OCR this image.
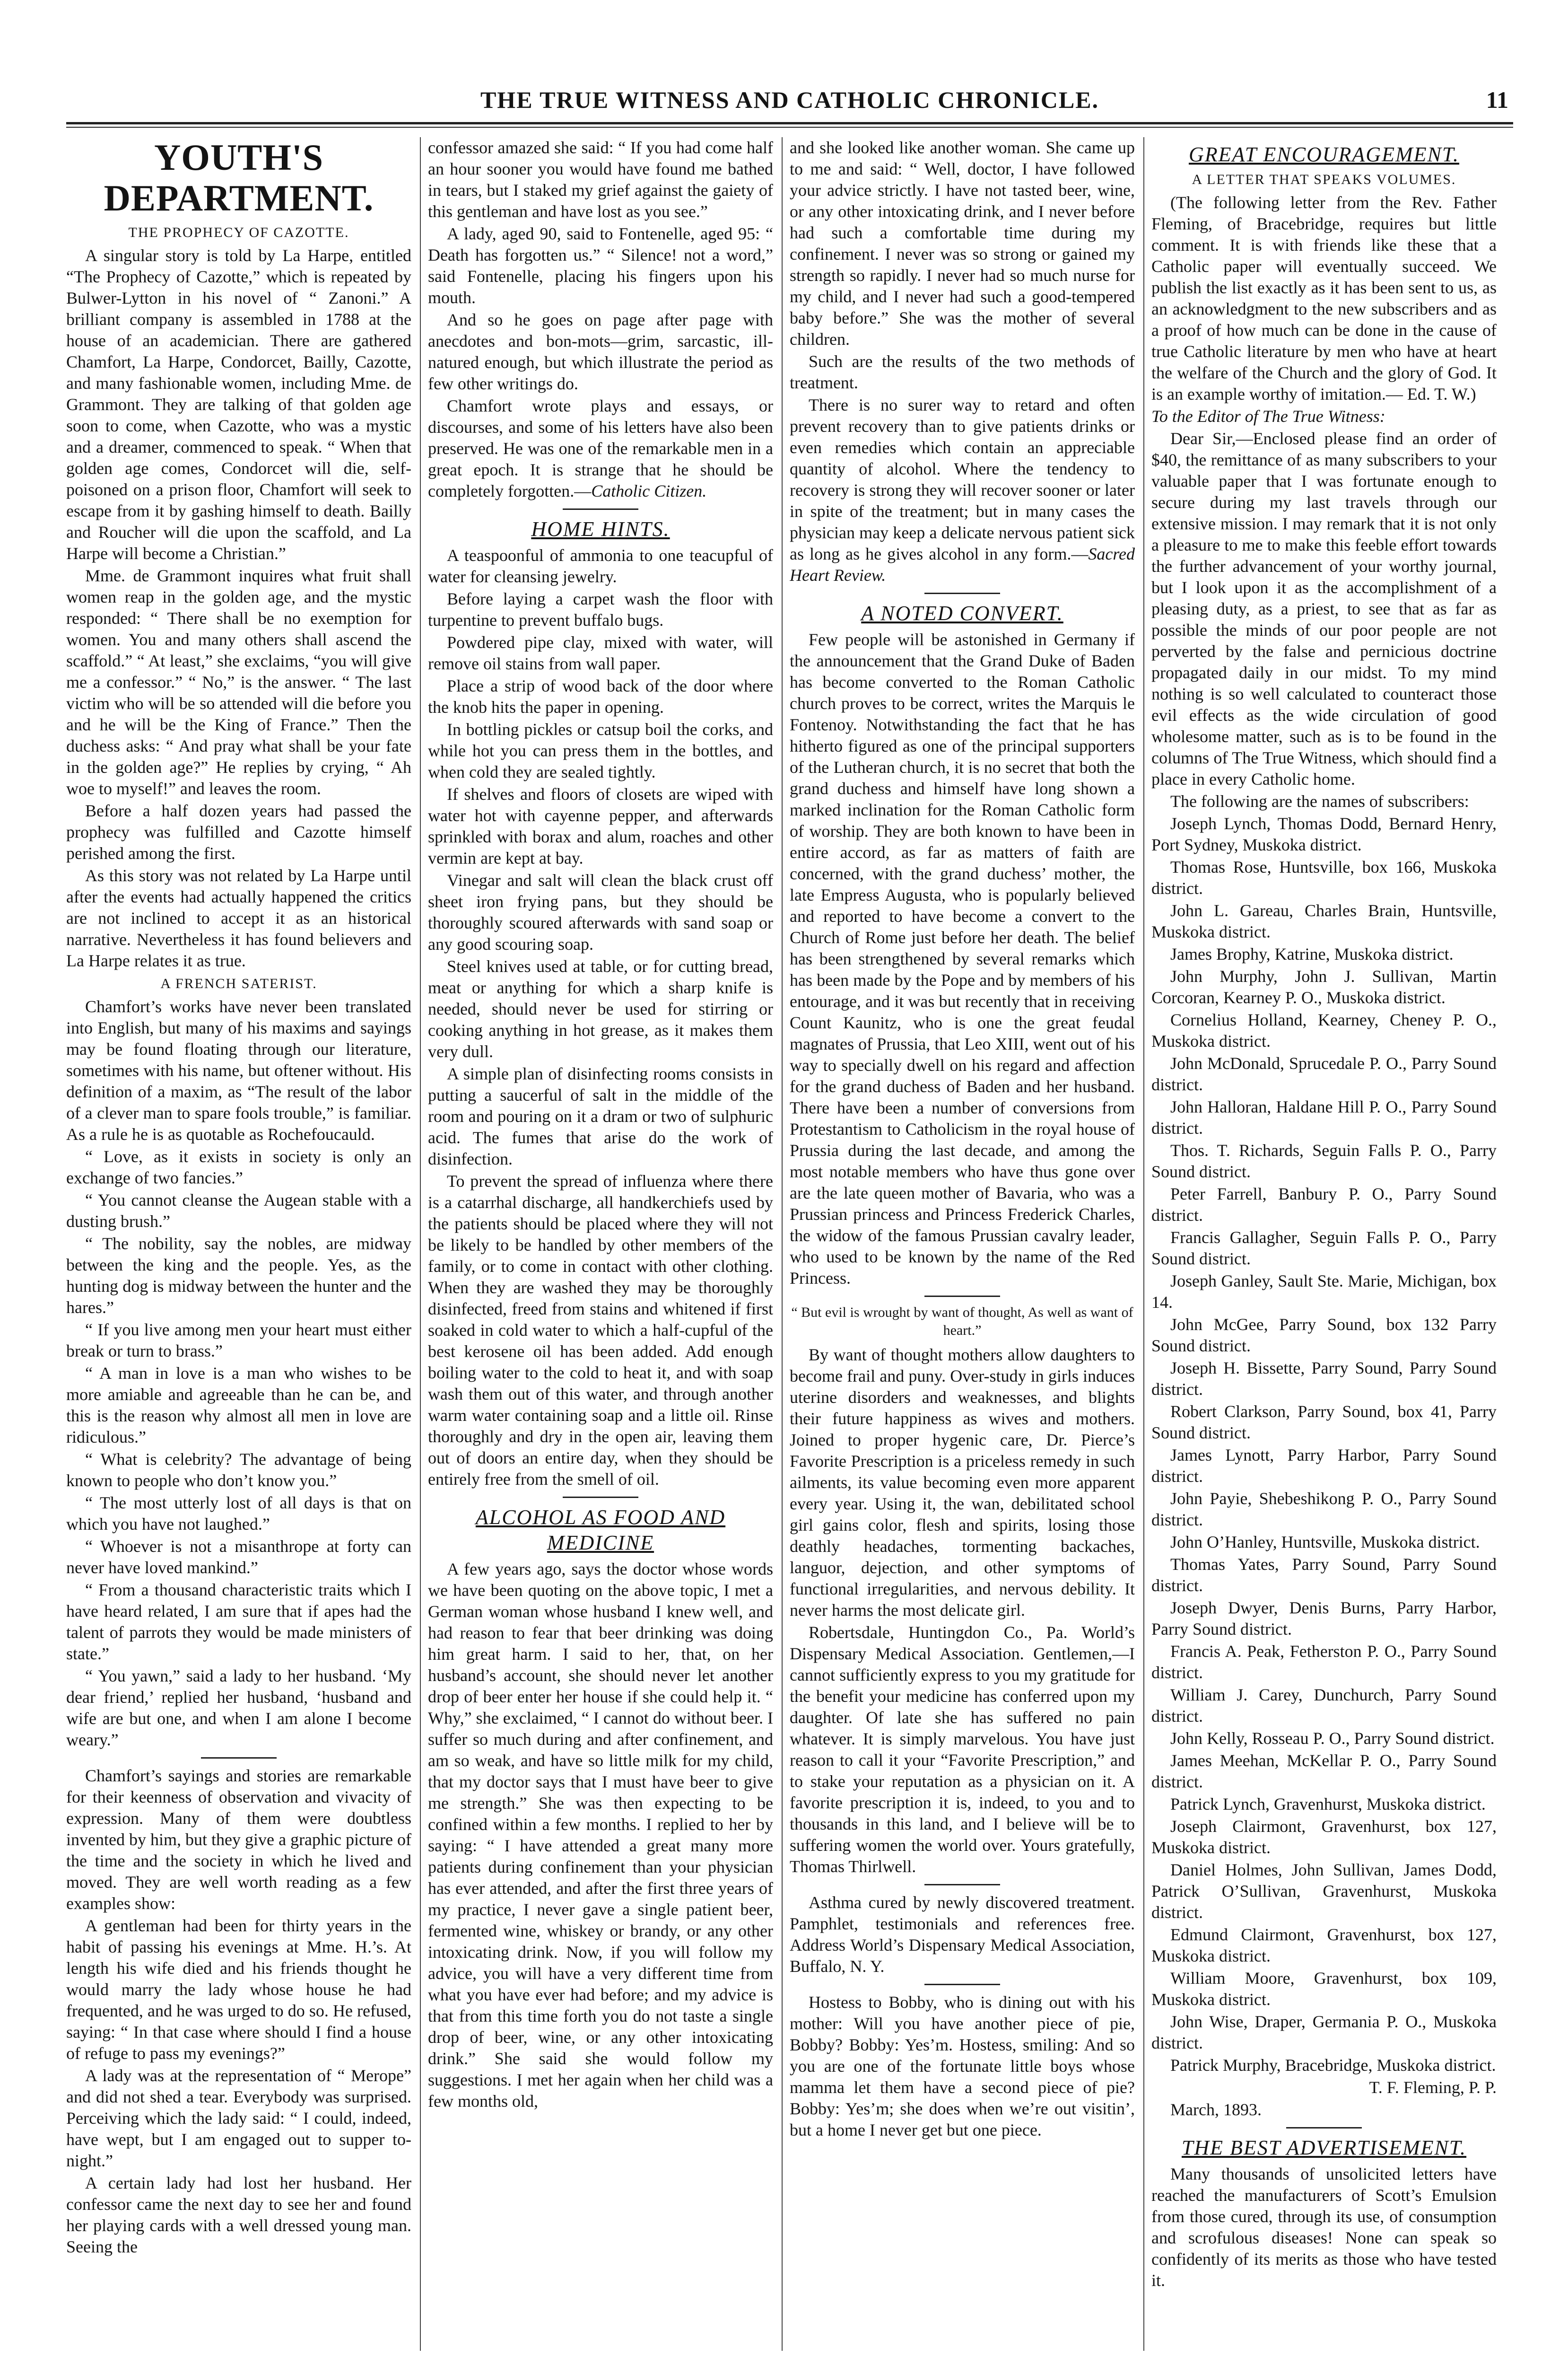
THE TRUE WITNESS AND CATHOLIC CHRONICLE.	11
YOUTH'S DEPARTMENT.
THE PROPHECY OF CAZOTTE.

A singular story is told by La Harpe, entitled “The Prophecy of Cazotte,” which is repeated by Bulwer-Lytton in his novel of “ Zanoni.” A brilliant company is assembled in 1788 at the house of an academician. There are gathered Chamfort, La Harpe, Condorcet, Bailly, Cazotte, and many fashionable women, including Mme. de Grammont. They are talking of that golden age soon to come, when Cazotte, who was a mystic and a dreamer, commenced to speak. “ When that golden age comes, Condorcet will die, self-poisoned on a prison floor, Chamfort will seek to escape from it by gashing himself to death. Bailly and Roucher will die upon the scaffold, and La Harpe will become a Christian.”

Mme. de Grammont inquires what fruit shall women reap in the golden age, and the mystic responded: “ There shall be no exemption for women. You and many others shall ascend the scaffold.” “ At least,” she exclaims, “you will give me a confessor.” “ No,” is the answer. “ The last victim who will be so attended will die before you and he will be the King of France.” Then the duchess asks: “ And pray what shall be your fate in the golden age?” He replies by crying, “ Ah woe to myself!” and leaves the room.

Before a half dozen years had passed the prophecy was fulfilled and Cazotte himself perished among the first.

As this story was not related by La Harpe until after the events had actually happened the critics are not inclined to accept it as an historical narrative. Nevertheless it has found believers and La Harpe relates it as true.

A FRENCH SATERIST.

Chamfort’s works have never been translated into English, but many of his maxims and sayings may be found floating through our literature, sometimes with his name, but oftener without. His definition of a maxim, as “The result of the labor of a clever man to spare fools trouble,” is familiar. As a rule he is as quotable as Rochefoucauld.

“ Love, as it exists in society is only an exchange of two fancies.”

“ You cannot cleanse the Augean stable with a dusting brush.”

“ The nobility, say the nobles, are midway between the king and the people. Yes, as the hunting dog is midway between the hunter and the hares.”

“ If you live among men your heart must either break or turn to brass.”

“ A man in love is a man who wishes to be more amiable and agreeable than he can be, and this is the reason why almost all men in love are ridiculous.”

“ What is celebrity? The advantage of being known to people who don’t know you.”

“ The most utterly lost of all days is that on which you have not laughed.”

“ Whoever is not a misanthrope at forty can never have loved mankind.”

“ From a thousand characteristic traits which I have heard related, I am sure that if apes had the talent of parrots they would be made ministers of state.”

“ You yawn,” said a lady to her husband. ‘My dear friend,’ replied her husband, ‘husband and wife are but one, and when I am alone I become weary.”

Chamfort’s sayings and stories are remarkable for their keenness of observation and vivacity of expression. Many of them were doubtless invented by him, but they give a graphic picture of the time and the society in which he lived and moved. They are well worth reading as a few examples show:

A gentleman had been for thirty years in the habit of passing his evenings at Mme. H.’s. At length his wife died and his friends thought he would marry the lady whose house he had frequented, and he was urged to do so. He refused, saying: “ In that case where should I find a house of refuge to pass my evenings?”

A lady was at the representation of “ Merope” and did not shed a tear. Everybody was surprised. Perceiving which the lady said: “ I could, indeed, have wept, but I am engaged out to supper to-night.”

A certain lady had lost her husband. Her confessor came the next day to see her and found her playing cards with a well dressed young man. Seeing the

confessor amazed she said: “ If you had come half an hour sooner you would have found me bathed in tears, but I staked my grief against the gaiety of this gentleman and have lost as you see.”

A lady, aged 90, said to Fontenelle, aged 95: “ Death has forgotten us.” “ Silence! not a word,” said Fontenelle, placing his fingers upon his mouth.

And so he goes on page after page with anecdotes and bon-mots—grim, sarcastic, ill-natured enough, but which illustrate the period as few other writings do.

Chamfort wrote plays and essays, or discourses, and some of his letters have also been preserved. He was one of the remarkable men in a great epoch. It is strange that he should be completely forgotten.—Catholic Citizen.

HOME HINTS.

A teaspoonful of ammonia to one teacupful of water for cleansing jewelry.

Before laying a carpet wash the floor with turpentine to prevent buffalo bugs.

Powdered pipe clay, mixed with water, will remove oil stains from wall paper.

Place a strip of wood back of the door where the knob hits the paper in opening.

In bottling pickles or catsup boil the corks, and while hot you can press them in the bottles, and when cold they are sealed tightly.

If shelves and floors of closets are wiped with water hot with cayenne pepper, and afterwards sprinkled with borax and alum, roaches and other vermin are kept at bay.

Vinegar and salt will clean the black crust off sheet iron frying pans, but they should be thoroughly scoured afterwards with sand soap or any good scouring soap.

Steel knives used at table, or for cutting bread, meat or anything for which a sharp knife is needed, should never be used for stirring or cooking anything in hot grease, as it makes them very dull.

A simple plan of disinfecting rooms consists in putting a saucerful of salt in the middle of the room and pouring on it a dram or two of sulphuric acid. The fumes that arise do the work of disinfection.

To prevent the spread of influenza where there is a catarrhal discharge, all handkerchiefs used by the patients should be placed where they will not be likely to be handled by other members of the family, or to come in contact with other clothing. When they are washed they may be thoroughly disinfected, freed from stains and whitened if first soaked in cold water to which a half-cupful of the best kerosene oil has been added. Add enough boiling water to the cold to heat it, and with soap wash them out of this water, and through another warm water containing soap and a little oil. Rinse thoroughly and dry in the open air, leaving them out of doors an entire day, when they should be entirely free from the smell of oil.

ALCOHOL AS FOOD AND MEDICINE

A few years ago, says the doctor whose words we have been quoting on the above topic, I met a German woman whose husband I knew well, and had reason to fear that beer drinking was doing him great harm. I said to her, that, on her husband’s account, she should never let another drop of beer enter her house if she could help it. “ Why,” she exclaimed, “ I cannot do without beer. I suffer so much during and after confinement, and am so weak, and have so little milk for my child, that my doctor says that I must have beer to give me strength.” She was then expecting to be confined within a few months. I replied to her by saying: “ I have attended a great many more patients during confinement than your physician has ever attended, and after the first three years of my practice, I never gave a single patient beer, fermented wine, whiskey or brandy, or any other intoxicating drink. Now, if you will follow my advice, you will have a very different time from what you have ever had before; and my advice is that from this time forth you do not taste a single drop of beer, wine, or any other intoxicating drink.” She said she would follow my suggestions. I met her again when her child was a few months old,

and she looked like another woman. She came up to me and said: “ Well, doctor, I have followed your advice strictly. I have not tasted beer, wine, or any other intoxicating drink, and I never before had such a comfortable time during my confinement. I never was so strong or gained my strength so rapidly. I never had so much nurse for my child, and I never had such a good-tempered baby before.” She was the mother of several children.

Such are the results of the two methods of treatment.

There is no surer way to retard and often prevent recovery than to give patients drinks or even remedies which contain an appreciable quantity of alcohol. Where the tendency to recovery is strong they will recover sooner or later in spite of the treatment; but in many cases the physician may keep a delicate nervous patient sick as long as he gives alcohol in any form.—Sacred Heart Review.

A NOTED CONVERT.

Few people will be astonished in Germany if the announcement that the Grand Duke of Baden has become converted to the Roman Catholic church proves to be correct, writes the Marquis le Fontenoy. Notwithstanding the fact that he has hitherto figured as one of the principal supporters of the Lutheran church, it is no secret that both the grand duchess and himself have long shown a marked inclination for the Roman Catholic form of worship. They are both known to have been in entire accord, as far as matters of faith are concerned, with the grand duchess’ mother, the late Empress Augusta, who is popularly believed and reported to have become a convert to the Church of Rome just before her death. The belief has been strengthened by several remarks which has been made by the Pope and by members of his entourage, and it was but recently that in receiving Count Kaunitz, who is one the great feudal magnates of Prussia, that Leo XIII, went out of his way to specially dwell on his regard and affection for the grand duchess of Baden and her husband. There have been a number of conversions from Protestantism to Catholicism in the royal house of Prussia during the last decade, and among the most notable members who have thus gone over are the late queen mother of Bavaria, who was a Prussian princess and Princess Frederick Charles, the widow of the famous Prussian cavalry leader, who used to be known by the name of the Red Princess.

“ But evil is wrought by want of thought, As well as want of heart.”

By want of thought mothers allow daughters to become frail and puny. Over-study in girls induces uterine disorders and weaknesses, and blights their future happiness as wives and mothers. Joined to proper hygenic care, Dr. Pierce’s Favorite Prescription is a priceless remedy in such ailments, its value becoming even more apparent every year. Using it, the wan, debilitated school girl gains color, flesh and spirits, losing those deathly headaches, tormenting backaches, languor, dejection, and other symptoms of functional irregularities, and nervous debility. It never harms the most delicate girl.

Robertsdale, Huntingdon Co., Pa. World’s Dispensary Medical Association. Gentlemen,—I cannot sufficiently express to you my gratitude for the benefit your medicine has conferred upon my daughter. Of late she has suffered no pain whatever. It is simply marvelous. You have just reason to call it your “Favorite Prescription,” and to stake your reputation as a physician on it. A favorite prescription it is, indeed, to you and to thousands in this land, and I believe will be to suffering women the world over. Yours gratefully, Thomas Thirlwell.

Asthma cured by newly discovered treatment. Pamphlet, testimonials and references free. Address World’s Dispensary Medical Association, Buffalo, N. Y.

Hostess to Bobby, who is dining out with his mother: Will you have another piece of pie, Bobby? Bobby: Yes’m. Hostess, smiling: And so you are one of the fortunate little boys whose mamma let them have a second piece of pie? Bobby: Yes’m; she does when we’re out visitin’, but a home I never get but one piece.

GREAT ENCOURAGEMENT.
A LETTER THAT SPEAKS VOLUMES.

(The following letter from the Rev. Father Fleming, of Bracebridge, requires but little comment. It is with friends like these that a Catholic paper will eventually succeed. We publish the list exactly as it has been sent to us, as an acknowledgment to the new subscribers and as a proof of how much can be done in the cause of true Catholic literature by men who have at heart the welfare of the Church and the glory of God. It is an example worthy of imitation.— Ed. T. W.)

To the Editor of The True Witness:

Dear Sir,—Enclosed please find an order of $40, the remittance of as many subscribers to your valuable paper that I was fortunate enough to secure during my last travels through our extensive mission. I may remark that it is not only a pleasure to me to make this feeble effort towards the further advancement of your worthy journal, but I look upon it as the accomplishment of a pleasing duty, as a priest, to see that as far as possible the minds of our poor people are not perverted by the false and pernicious doctrine propagated daily in our midst. To my mind nothing is so well calculated to counteract those evil effects as the wide circulation of good wholesome matter, such as is to be found in the columns of The True Witness, which should find a place in every Catholic home.

The following are the names of subscribers:

Joseph Lynch, Thomas Dodd, Bernard Henry, Port Sydney, Muskoka district.

Thomas Rose, Huntsville, box 166, Muskoka district.

John L. Gareau, Charles Brain, Huntsville, Muskoka district.

James Brophy, Katrine, Muskoka district.

John Murphy, John J. Sullivan, Martin Corcoran, Kearney P. O., Muskoka district.

Cornelius Holland, Kearney, Cheney P. O., Muskoka district.

John McDonald, Sprucedale P. O., Parry Sound district.

John Halloran, Haldane Hill P. O., Parry Sound district.

Thos. T. Richards, Seguin Falls P. O., Parry Sound district.

Peter Farrell, Banbury P. O., Parry Sound district.

Francis Gallagher, Seguin Falls P. O., Parry Sound district.

Joseph Ganley, Sault Ste. Marie, Michigan, box 14.

John McGee, Parry Sound, box 132 Parry Sound district.

Joseph H. Bissette, Parry Sound, Parry Sound district.

Robert Clarkson, Parry Sound, box 41, Parry Sound district.

James Lynott, Parry Harbor, Parry Sound district.

John Payie, Shebeshikong P. O., Parry Sound district.

John O’Hanley, Huntsville, Muskoka district.

Thomas Yates, Parry Sound, Parry Sound district.

Joseph Dwyer, Denis Burns, Parry Harbor, Parry Sound district.

Francis A. Peak, Fetherston P. O., Parry Sound district.

William J. Carey, Dunchurch, Parry Sound district.

John Kelly, Rosseau P. O., Parry Sound district.

James Meehan, McKellar P. O., Parry Sound district.

Patrick Lynch, Gravenhurst, Muskoka district.

Joseph Clairmont, Gravenhurst, box 127, Muskoka district.

Daniel Holmes, John Sullivan, James Dodd, Patrick O’Sullivan, Gravenhurst, Muskoka district.

Edmund Clairmont, Gravenhurst, box 127, Muskoka district.

William Moore, Gravenhurst, box 109, Muskoka district.

John Wise, Draper, Germania P. O., Muskoka district.

Patrick Murphy, Bracebridge, Muskoka district.

T. F. Fleming, P. P.

March, 1893.

THE BEST ADVERTISEMENT.

Many thousands of unsolicited letters have reached the manufacturers of Scott’s Emulsion from those cured, through its use, of consumption and scrofulous diseases! None can speak so confidently of its merits as those who have tested it.
